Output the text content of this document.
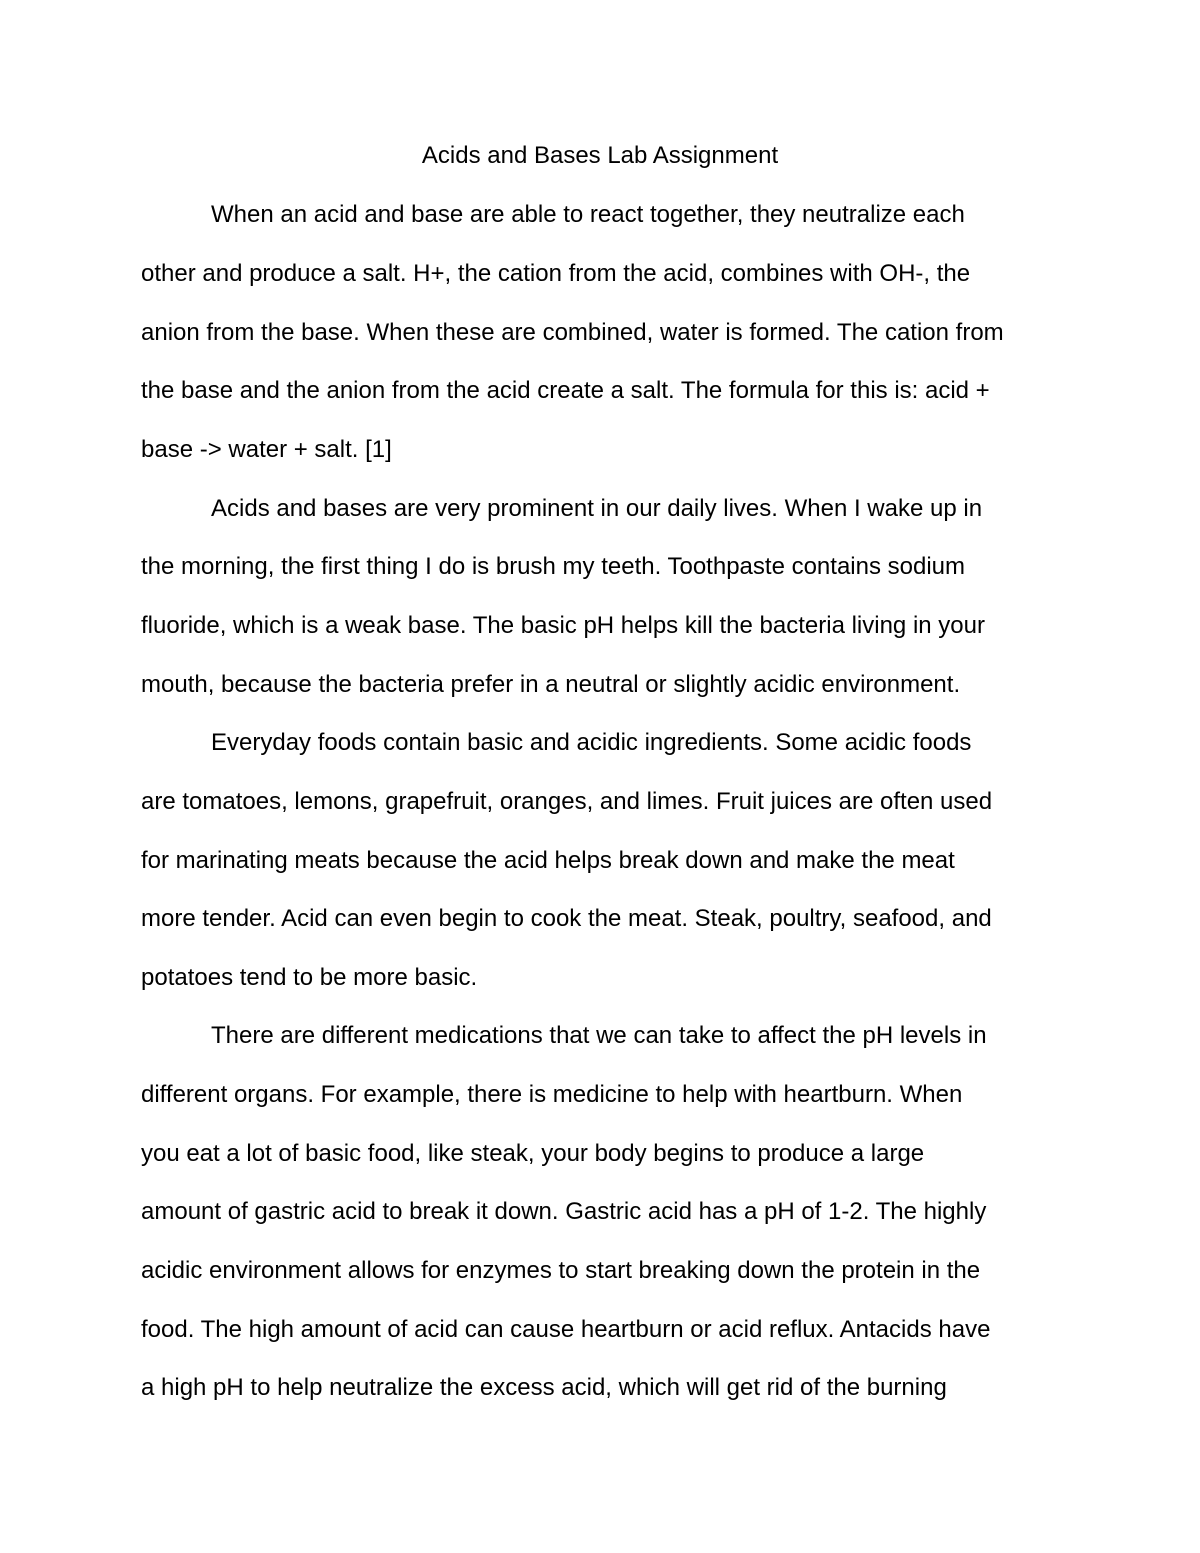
Acids and Bases Lab Assignment
When an acid and base are able to react together, they neutralize each
other and produce a salt. H+, the cation from the acid, combines with OH-, the
anion from the base. When these are combined, water is formed. The cation from
the base and the anion from the acid create a salt. The formula for this is: acid +
base -> water + salt. [1]
Acids and bases are very prominent in our daily lives. When I wake up in
the morning, the first thing I do is brush my teeth. Toothpaste contains sodium
fluoride, which is a weak base. The basic pH helps kill the bacteria living in your
mouth, because the bacteria prefer in a neutral or slightly acidic environment.
Everyday foods contain basic and acidic ingredients. Some acidic foods
are tomatoes, lemons, grapefruit, oranges, and limes. Fruit juices are often used
for marinating meats because the acid helps break down and make the meat
more tender. Acid can even begin to cook the meat. Steak, poultry, seafood, and
potatoes tend to be more basic.
There are different medications that we can take to affect the pH levels in
different organs. For example, there is medicine to help with heartburn. When
you eat a lot of basic food, like steak, your body begins to produce a large
amount of gastric acid to break it down. Gastric acid has a pH of 1-2. The highly
acidic environment allows for enzymes to start breaking down the protein in the
food. The high amount of acid can cause heartburn or acid reflux. Antacids have
a high pH to help neutralize the excess acid, which will get rid of the burning
